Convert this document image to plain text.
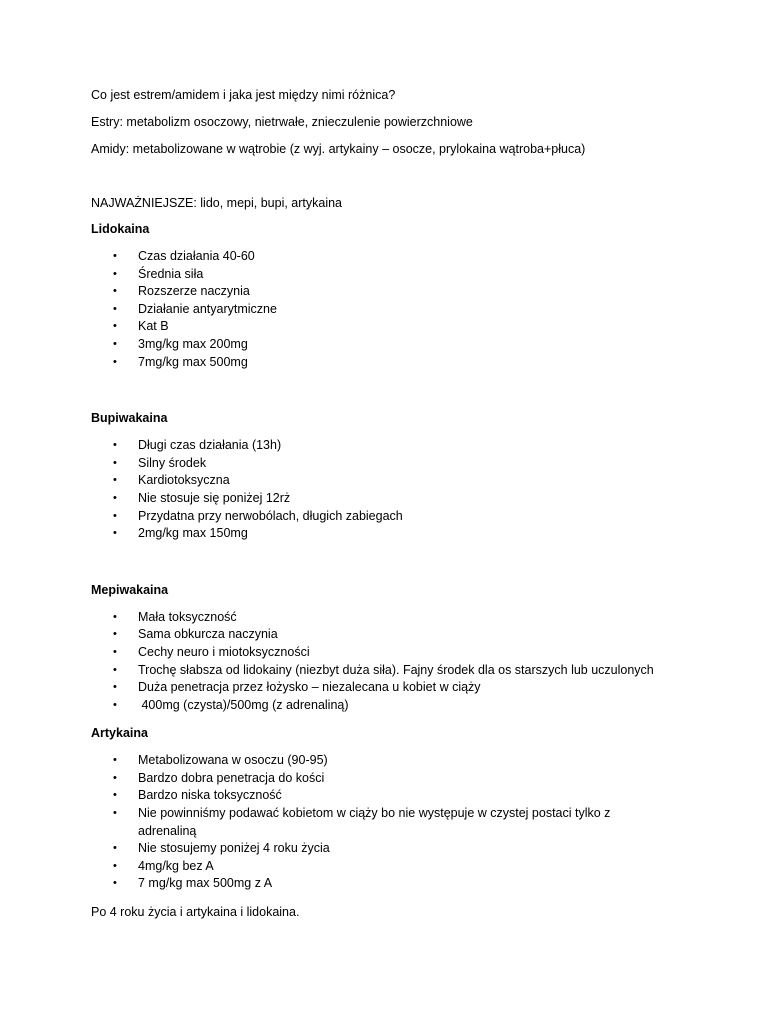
Co jest estrem/amidem i jaka jest między nimi różnica?

Estry: metabolizm osoczowy, nietrwałe, znieczulenie powierzchniowe

Amidy: metabolizowane w wątrobie (z wyj. artykainy – osocze, prylokaina wątroba+płuca)

NAJWAŻNIEJSZE: lido, mepi, bupi, artykaina

Lidokaina

• Czas działania 40-60
• Średnia siła
• Rozszerze naczynia
• Działanie antyarytmiczne
• Kat B
• 3mg/kg max 200mg
• 7mg/kg max 500mg

Bupiwakaina

• Długi czas działania (13h)
• Silny środek
• Kardiotoksyczna
• Nie stosuje się poniżej 12rż
• Przydatna przy nerwobólach, długich zabiegach
• 2mg/kg max 150mg

Mepiwakaina

• Mała toksyczność
• Sama obkurcza naczynia
• Cechy neuro i miotoksyczności
• Trochę słabsza od lidokainy (niezbyt duża siła). Fajny środek dla os starszych lub uczulonych
• Duża penetracja przez łożysko – niezalecana u kobiet w ciąży
• 400mg (czysta)/500mg (z adrenaliną)

Artykaina

• Metabolizowana w osoczu (90-95)
• Bardzo dobra penetracja do kości
• Bardzo niska toksyczność
• Nie powinniśmy podawać kobietom w ciąży bo nie występuje w czystej postaci tylko z adrenaliną
• Nie stosujemy poniżej 4 roku życia
• 4mg/kg bez A
• 7 mg/kg max 500mg z A

Po 4 roku życia i artykaina i lidokaina.
